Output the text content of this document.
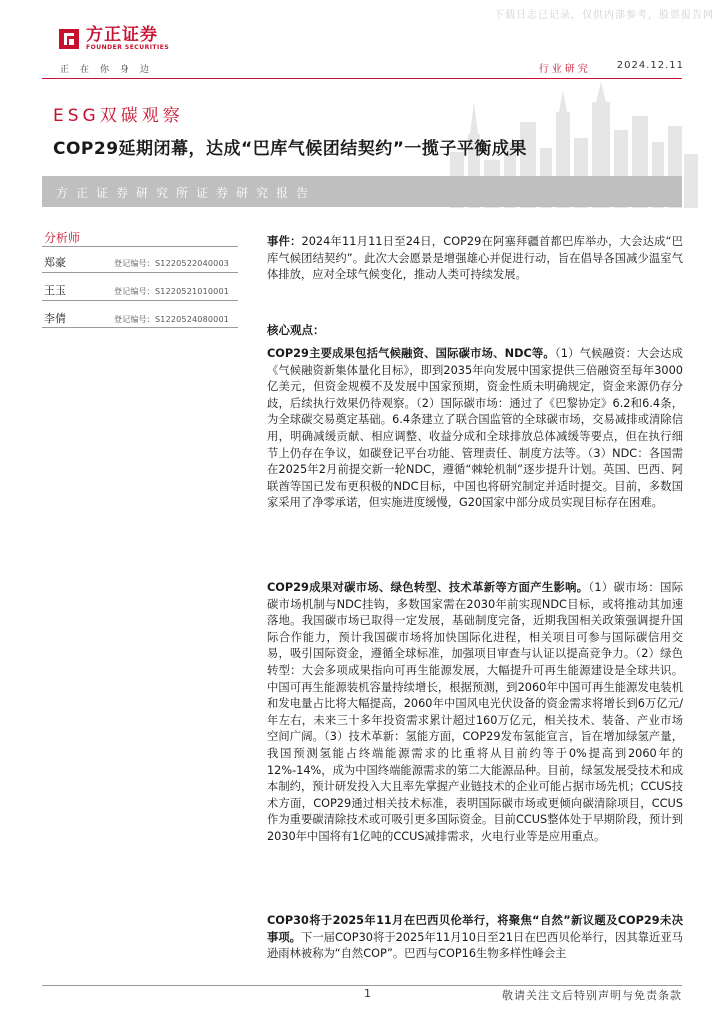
下载日志已记录，仅供内部参考，股票报告网
方正证券
FOUNDER SECURITIES
正在你身边	行业研究	2024.12.11
ESG双碳观察
COP29延期闭幕，达成“巴库气候团结契约”一揽子平衡成果
方正证券研究所证券研究报告
分析师
郑豪	登记编号：S1220522040003
王玉	登记编号：S1220521010001
李倩	登记编号：S1220524080001
事件：2024年11月11日至24日，COP29在阿塞拜疆首都巴库举办，大会达成“巴库气候团结契约”。此次大会愿景是增强雄心并促进行动，旨在倡导各国减少温室气体排放，应对全球气候变化，推动人类可持续发展。
核心观点：
COP29主要成果包括气候融资、国际碳市场、NDC等。（1）气候融资：大会达成《气候融资新集体量化目标》，即到2035年向发展中国家提供三倍融资至每年3000亿美元，但资金规模不及发展中国家预期，资金性质未明确规定，资金来源仍存分歧，后续执行效果仍待观察。（2）国际碳市场：通过了《巴黎协定》6.2和6.4条，为全球碳交易奠定基础。6.4条建立了联合国监管的全球碳市场，交易减排或清除信用，明确减缓贡献、相应调整、收益分成和全球排放总体减缓等要点，但在执行细节上仍存在争议，如碳登记平台功能、管理责任、制度方法等。（3）NDC：各国需在2025年2月前提交新一轮NDC，遵循“棘轮机制”逐步提升计划。英国、巴西、阿联酋等国已发布更积极的NDC目标，中国也将研究制定并适时提交。目前，多数国家采用了净零承诺，但实施进度缓慢，G20国家中部分成员实现目标存在困难。
COP29成果对碳市场、绿色转型、技术革新等方面产生影响。（1）碳市场：国际碳市场机制与NDC挂钩，多数国家需在2030年前实现NDC目标，或将推动其加速落地。我国碳市场已取得一定发展，基础制度完备，近期我国相关政策强调提升国际合作能力，预计我国碳市场将加快国际化进程，相关项目可参与国际碳信用交易，吸引国际资金，遵循全球标准，加强项目审查与认证以提高竞争力。（2）绿色转型：大会多项成果指向可再生能源发展，大幅提升可再生能源建设是全球共识。中国可再生能源装机容量持续增长，根据预测，到2060年中国可再生能源发电装机和发电量占比将大幅提高，2060年中国风电光伏设备的资金需求将增长到6万亿元/年左右，未来三十多年投资需求累计超过160万亿元，相关技术、装备、产业市场空间广阔。（3）技术革新：氢能方面，COP29发布氢能宣言，旨在增加绿氢产量，我国预测氢能占终端能源需求的比重将从目前约等于0%提高到2060年的12%-14%，成为中国终端能源需求的第二大能源品种。目前，绿氢发展受技术和成本制约，预计研发投入大且率先掌握产业链技术的企业可能占据市场先机；CCUS技术方面，COP29通过相关技术标准，表明国际碳市场或更倾向碳清除项目，CCUS作为重要碳清除技术或可吸引更多国际资金。目前CCUS整体处于早期阶段，预计到2030年中国将有1亿吨的CCUS减排需求，火电行业等是应用重点。
COP30将于2025年11月在巴西贝伦举行，将聚焦“自然”新议题及COP29未决事项。下一届COP30将于2025年11月10日至21日在巴西贝伦举行，因其靠近亚马逊雨林被称为“自然COP”。巴西与COP16生物多样性峰会主
1	敬请关注文后特别声明与免责条款
